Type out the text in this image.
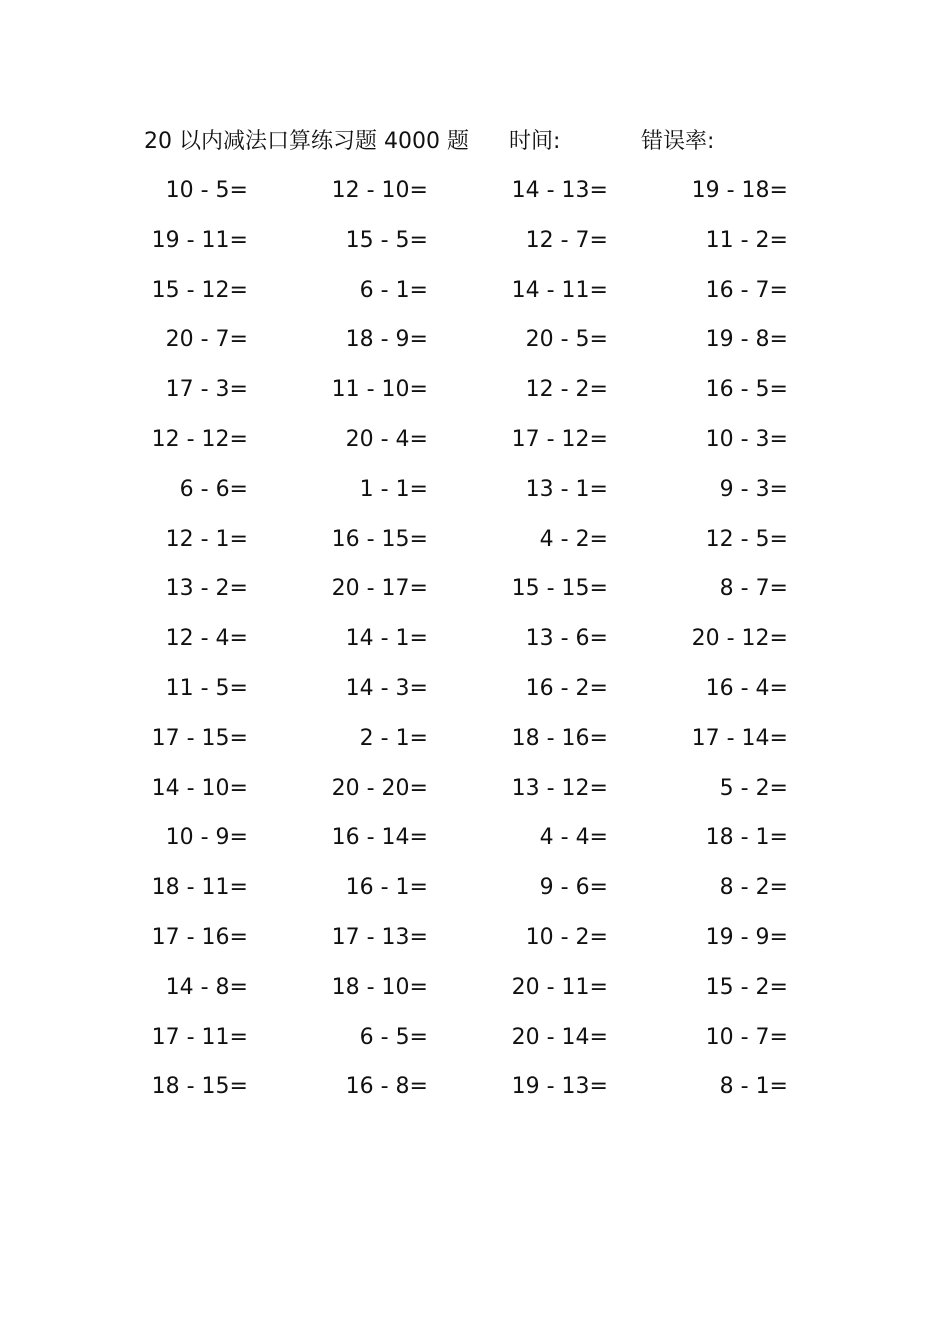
20 以内减法口算练习题 4000 题 时间:	错误率:
10 - 5=	12 - 10=	14 - 13=	19 - 18=
19 - 11=	15 - 5=	12 - 7=	11 - 2=
15 - 12=	6 - 1=	14 - 11=	16 - 7=
20 - 7=	18 - 9=	20 - 5=	19 - 8=
17 - 3=	11 - 10=	12 - 2=	16 - 5=
12 - 12=	20 - 4=	17 - 12=	10 - 3=
6 - 6=	1 - 1=	13 - 1=	9 - 3=
12 - 1=	16 - 15=	4 - 2=	12 - 5=
13 - 2=	20 - 17=	15 - 15=	8 - 7=
12 - 4=	14 - 1=	13 - 6=	20 - 12=
11 - 5=	14 - 3=	16 - 2=	16 - 4=
17 - 15=	2 - 1=	18 - 16=	17 - 14=
14 - 10=	20 - 20=	13 - 12=	5 - 2=
10 - 9=	16 - 14=	4 - 4=	18 - 1=
18 - 11=	16 - 1=	9 - 6=	8 - 2=
17 - 16=	17 - 13=	10 - 2=	19 - 9=
14 - 8=	18 - 10=	20 - 11=	15 - 2=
17 - 11=	6 - 5=	20 - 14=	10 - 7=
18 - 15=	16 - 8=	19 - 13=	8 - 1=
